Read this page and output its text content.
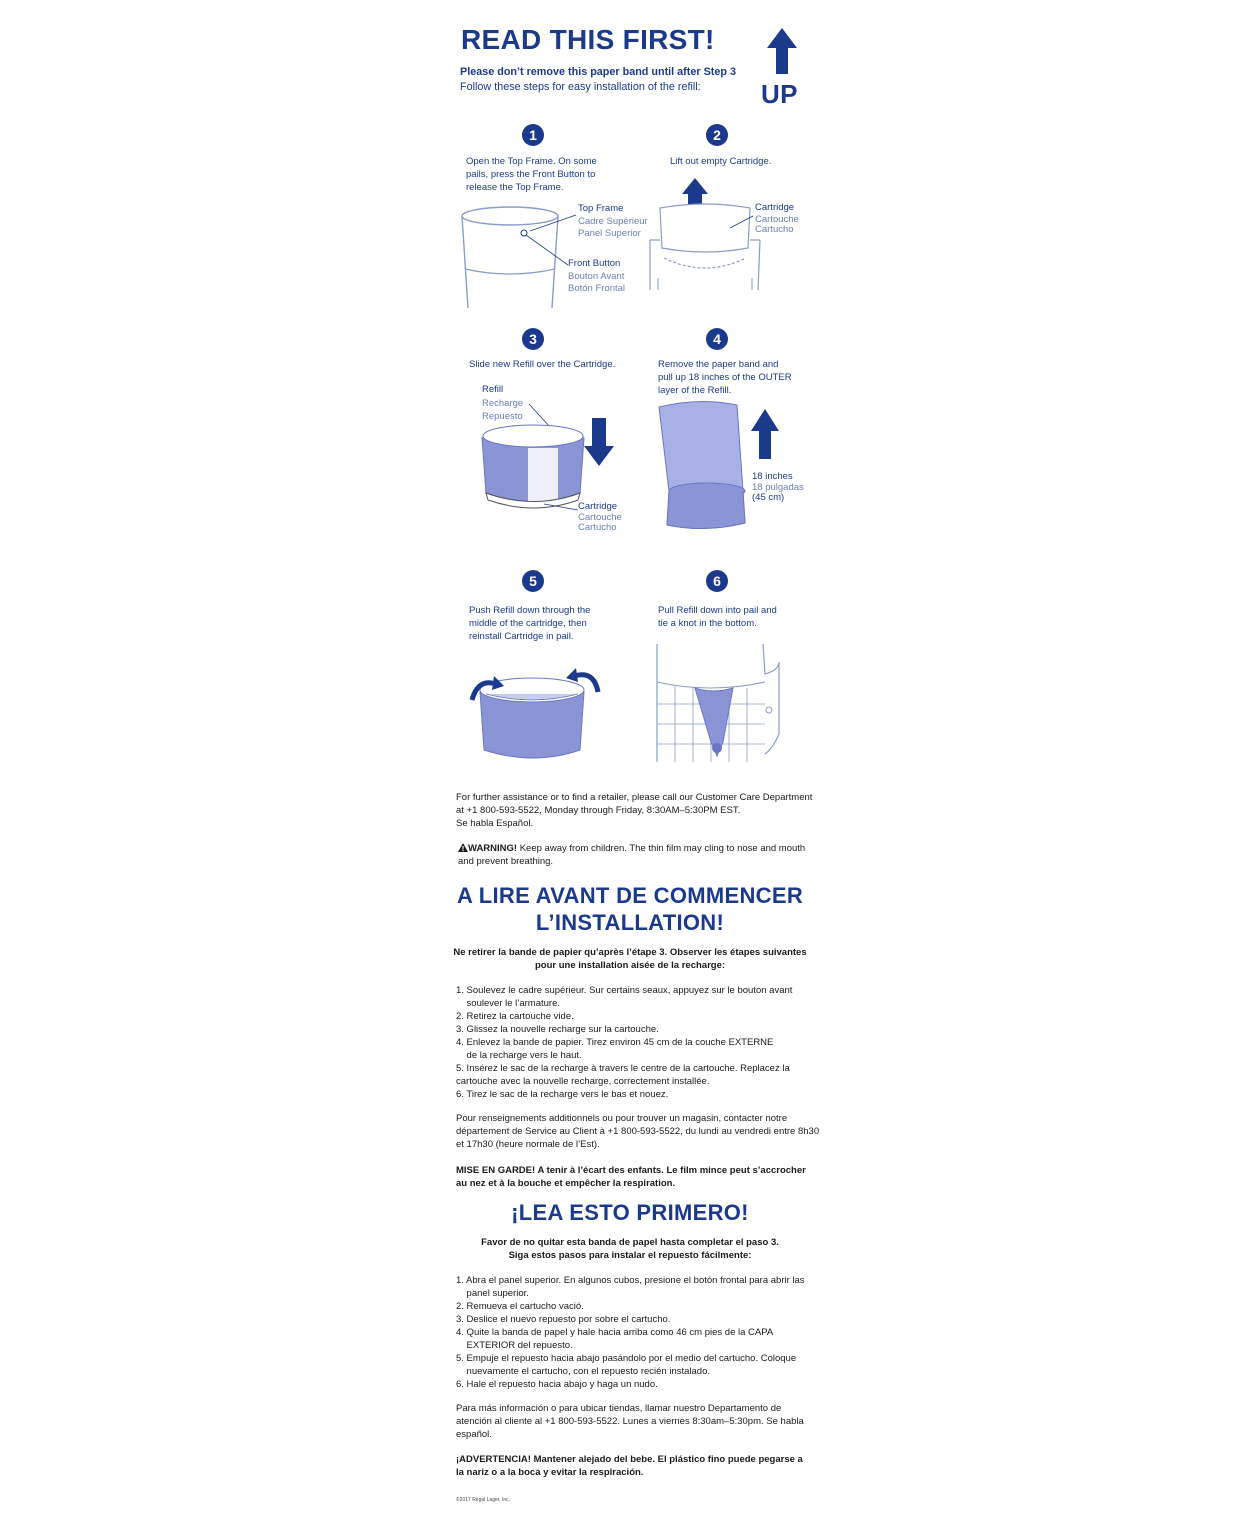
READ THIS FIRST!
Please don’t remove this paper band until after Step 3
Follow these steps for easy installation of the refill: UP
1
Open the Top Frame. On some
pails, press the Front Button to
release the Top Frame.
Top Frame
Cadre Supérieur
Panel Superior
Front Button
Bouton Avant
Botón Frontal
2
Lift out empty Cartridge.
Cartridge
Cartouche
Cartucho
3
Slide new Refill over the Cartridge.
Refill
Recharge
Repuesto
Cartridge
Cartouche
Cartucho
4
Remove the paper band and
pull up 18 inches of the OUTER
layer of the Refill.
18 inches
18 pulgadas
(45 cm)
5
Push Refill down through the
middle of the cartridge, then
reinstall Cartridge in pail.
6
Pull Refill down into pail and
tie a knot in the bottom.
For further assistance or to find a retailer, please call our Customer Care Department
at +1 800-593-5522, Monday through Friday, 8:30AM–5:30PM EST.
Se habla Español.
WARNING! Keep away from children. The thin film may cling to nose and mouth
and prevent breathing.
A LIRE AVANT DE COMMENCER
L’INSTALLATION!
Ne retirer la bande de papier qu’après l’étape 3. Observer les étapes suivantes
pour une installation aisée de la recharge:
1. Soulevez le cadre supérieur. Sur certains seaux, appuyez sur le bouton avant
soulever le l’armature.
2. Retirez la cartouche vide.
3. Glissez la nouvelle recharge sur la cartouche.
4. Enlevez la bande de papier. Tirez environ 45 cm de la couche EXTERNE
de la recharge vers le haut.
5. Insérez le sac de la recharge à travers le centre de la cartouche. Replacez la
cartouche avec la nouvelle recharge, correctement installée.
6. Tirez le sac de la recharge vers le bas et nouez.
Pour renseignements additionnels ou pour trouver un magasin, contacter notre
département de Service au Client à +1 800-593-5522, du lundi au vendredi entre 8h30
et 17h30 (heure normale de l’Est).
MISE EN GARDE! A tenir à l’écart des enfants. Le film mince peut s’accrocher
au nez et à la bouche et empêcher la respiration.
¡LEA ESTO PRIMERO!
Favor de no quitar esta banda de papel hasta completar el paso 3.
Siga estos pasos para instalar el repuesto fácilmente:
1. Abra el panel superior. En algunos cubos, presione el botón frontal para abrir las
panel superior.
2. Remueva el cartucho vació.
3. Deslice el nuevo repuesto por sobre el cartucho.
4. Quite la banda de papel y hale hacia arriba como 46 cm pies de la CAPA
EXTERIOR del repuesto.
5. Empuje el repuesto hacia abajo pasándolo por el medio del cartucho. Coloque
nuevamente el cartucho, con el repuesto recién instalado.
6. Hale el repuesto hacia abajo y haga un nudo.
Para más información o para ubicar tiendas, llamar nuestro Departamento de
atención al cliente al +1 800-593-5522. Lunes a viernes 8:30am–5:30pm. Se habla
español.
¡ADVERTENCIA! Mantener alejado del bebe. El plástico fino puede pegarse a
la nariz o a la boca y evitar la respiración.
©2017 Regal Lager, Inc.
